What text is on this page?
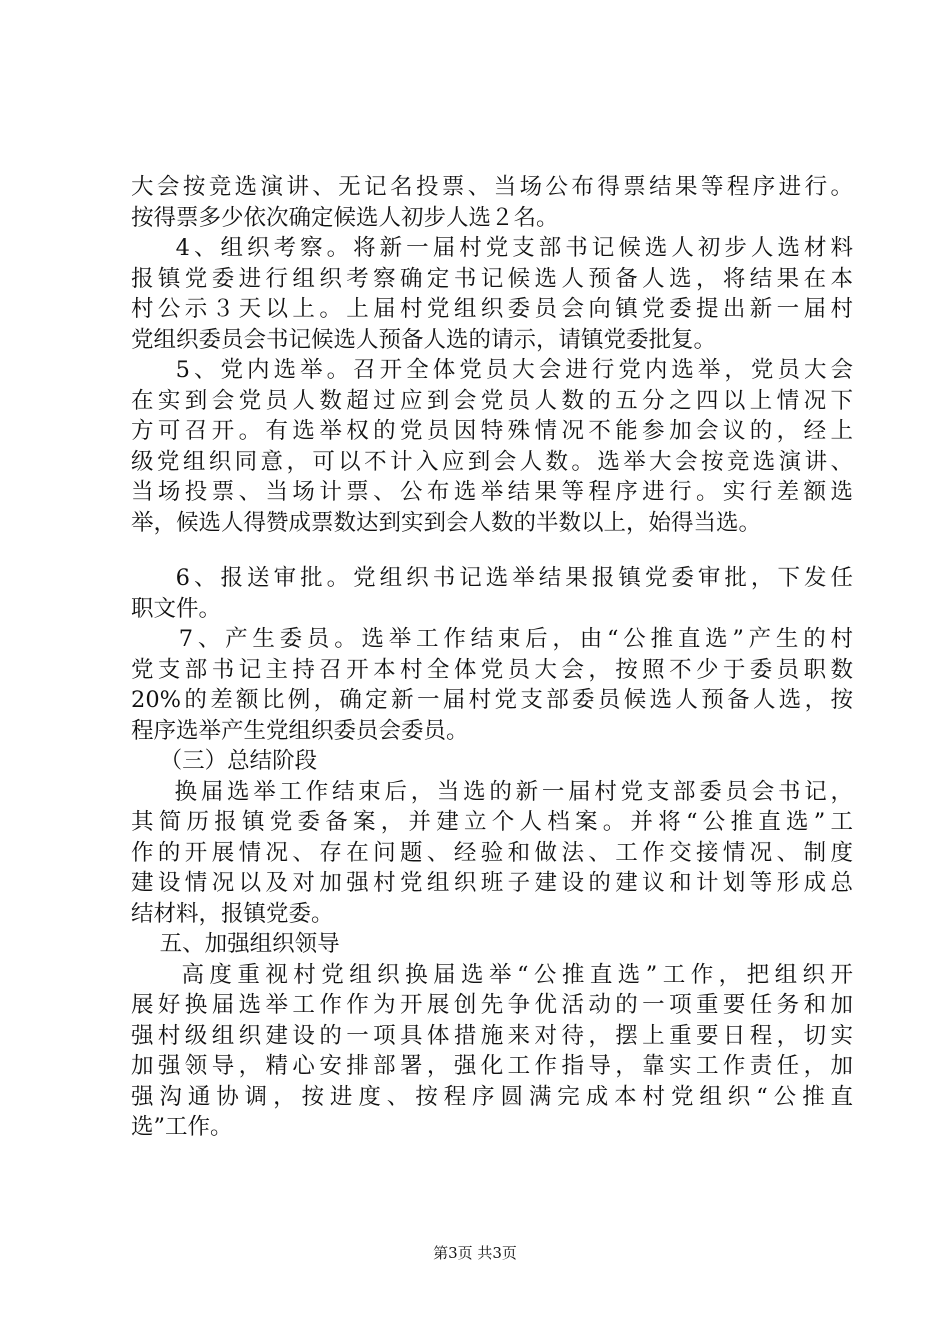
大会按竞选演讲、无记名投票、当场公布得票结果等程序进行。
按得票多少依次确定候选人初步人选２名。
4、组织考察。将新一届村党支部书记候选人初步人选材料
报镇党委进行组织考察确定书记候选人预备人选，将结果在本
村公示３天以上。上届村党组织委员会向镇党委提出新一届村
党组织委员会书记候选人预备人选的请示，请镇党委批复。
5、党内选举。召开全体党员大会进行党内选举，党员大会
在实到会党员人数超过应到会党员人数的五分之四以上情况下
方可召开。有选举权的党员因特殊情况不能参加会议的，经上
级党组织同意，可以不计入应到会人数。选举大会按竞选演讲、
当场投票、当场计票、公布选举结果等程序进行。实行差额选
举，候选人得赞成票数达到实到会人数的半数以上，始得当选。
6、报送审批。党组织书记选举结果报镇党委审批，下发任
职文件。
7、产生委员。选举工作结束后，由“公推直选”产生的村
党支部书记主持召开本村全体党员大会，按照不少于委员职数
20%的差额比例，确定新一届村党支部委员候选人预备人选，按
程序选举产生党组织委员会委员。
（三）总结阶段
换届选举工作结束后，当选的新一届村党支部委员会书记，
其简历报镇党委备案，并建立个人档案。并将“公推直选”工
作的开展情况、存在问题、经验和做法、工作交接情况、制度
建设情况以及对加强村党组织班子建设的建议和计划等形成总
结材料，报镇党委。
五、加强组织领导
高度重视村党组织换届选举“公推直选”工作，把组织开
展好换届选举工作作为开展创先争优活动的一项重要任务和加
强村级组织建设的一项具体措施来对待，摆上重要日程，切实
加强领导，精心安排部署，强化工作指导，靠实工作责任，加
强沟通协调，按进度、按程序圆满完成本村党组织“公推直
选”工作。
第3页 共3页
